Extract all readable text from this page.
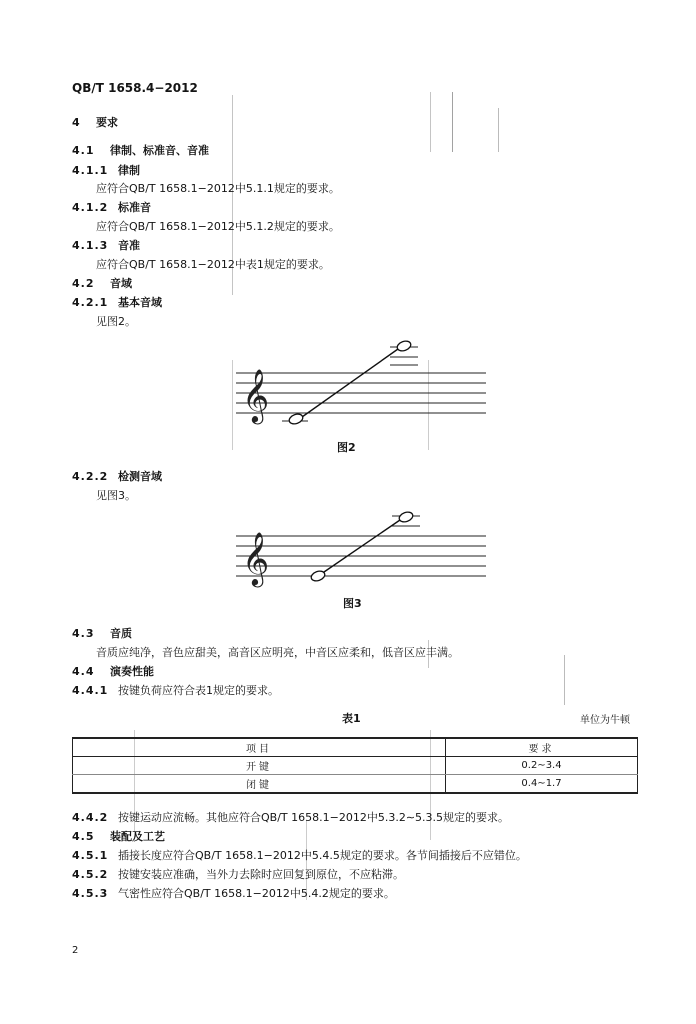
QB/T 1658.4−2012
4 要求
4.1 律制、标准音、音准
4.1.1 律制
应符合QB/T 1658.1−2012中5.1.1规定的要求。
4.1.2 标准音
应符合QB/T 1658.1−2012中5.1.2规定的要求。
4.1.3 音准
应符合QB/T 1658.1−2012中表1规定的要求。
4.2 音域
4.2.1 基本音域
见图2。
𝄞
图2
4.2.2 检测音域
见图3。
𝄞
图3
4.3 音质
音质应纯净，音色应甜美，高音区应明亮，中音区应柔和，低音区应丰满。
4.4 演奏性能
4.4.1 按键负荷应符合表1规定的要求。
表1	单位为牛顿
项目	要求
开键	0.2∼3.4
闭键	0.4∼1.7
4.4.2 按键运动应流畅。其他应符合QB/T 1658.1−2012中5.3.2∼5.3.5规定的要求。
4.5 装配及工艺
4.5.1 插接长度应符合QB/T 1658.1−2012中5.4.5规定的要求。各节间插接后不应错位。
4.5.2 按键安装应准确，当外力去除时应回复到原位，不应粘滞。
4.5.3 气密性应符合QB/T 1658.1−2012中5.4.2规定的要求。
2
